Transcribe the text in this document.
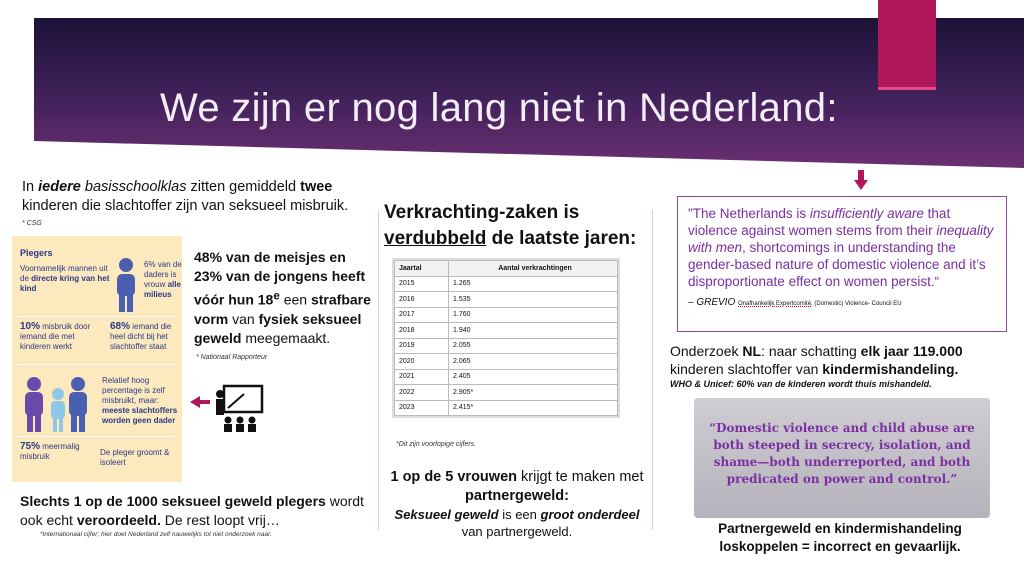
We zijn er nog lang niet in Nederland:

In iedere basisschoolklas zitten gemiddeld twee kinderen die slachtoffer zijn van seksueel misbruik.

* CSG
Plegers
Voornamelijk mannen uit de directe kring van het kind
6% van de daders is vrouw alle milieus
10% misbruik door iemand die met kinderen werkt
68% iemand die heel dicht bij het slachtoffer staat
Relatief hoog percentage is zelf misbruikt, maar: meeste slachtoffers worden geen dader
75% meermalig misbruik	De pleger groomt & isoleert

48% van de meisjes en 23% van de jongens heeft vóór hun 18e een strafbare vorm van fysiek seksueel geweld meegemaakt.

* Nationaal Rapporteur

Slechts 1 op de 1000 seksueel geweld plegers wordt ook echt veroordeeld. De rest loopt vrij…

*Internationaal cijfer; hier doet Nederland zelf nauwelijks tot niet onderzoek naar.
Verkrachting-zaken is verdubbeld de laatste jaren:
Jaartal	Aantal verkrachtingen
2015	1.265
2016	1.535
2017	1.760
2018	1.940
2019	2.055
2020	2.065
2021	2.405
2022	2.905*
2023	2.415*
*Dit zijn voorlopige cijfers.

1 op de 5 vrouwen krijgt te maken met partnergeweld:

Seksueel geweld is een groot onderdeel van partnergeweld.

"The Netherlands is insufficiently aware that violence against women stems from their inequality with men, shortcomings in understanding the gender-based nature of domestic violence and it’s disproportionate effect on women persist.“

– GREVIO Onafhankelijk Expertcomité, (Domestic) Violence- Council EU

Onderzoek NL: naar schatting elk jaar 119.000 kinderen slachtoffer van kindermishandeling.

WHO & Unicef: 60% van de kinderen wordt thuis mishandeld.

“Domestic violence and child abuse are both steeped in secrecy, isolation, and shame—both underreported, and both predicated on power and control.”

Partnergeweld en kindermishandeling loskoppelen = incorrect en gevaarlijk.
